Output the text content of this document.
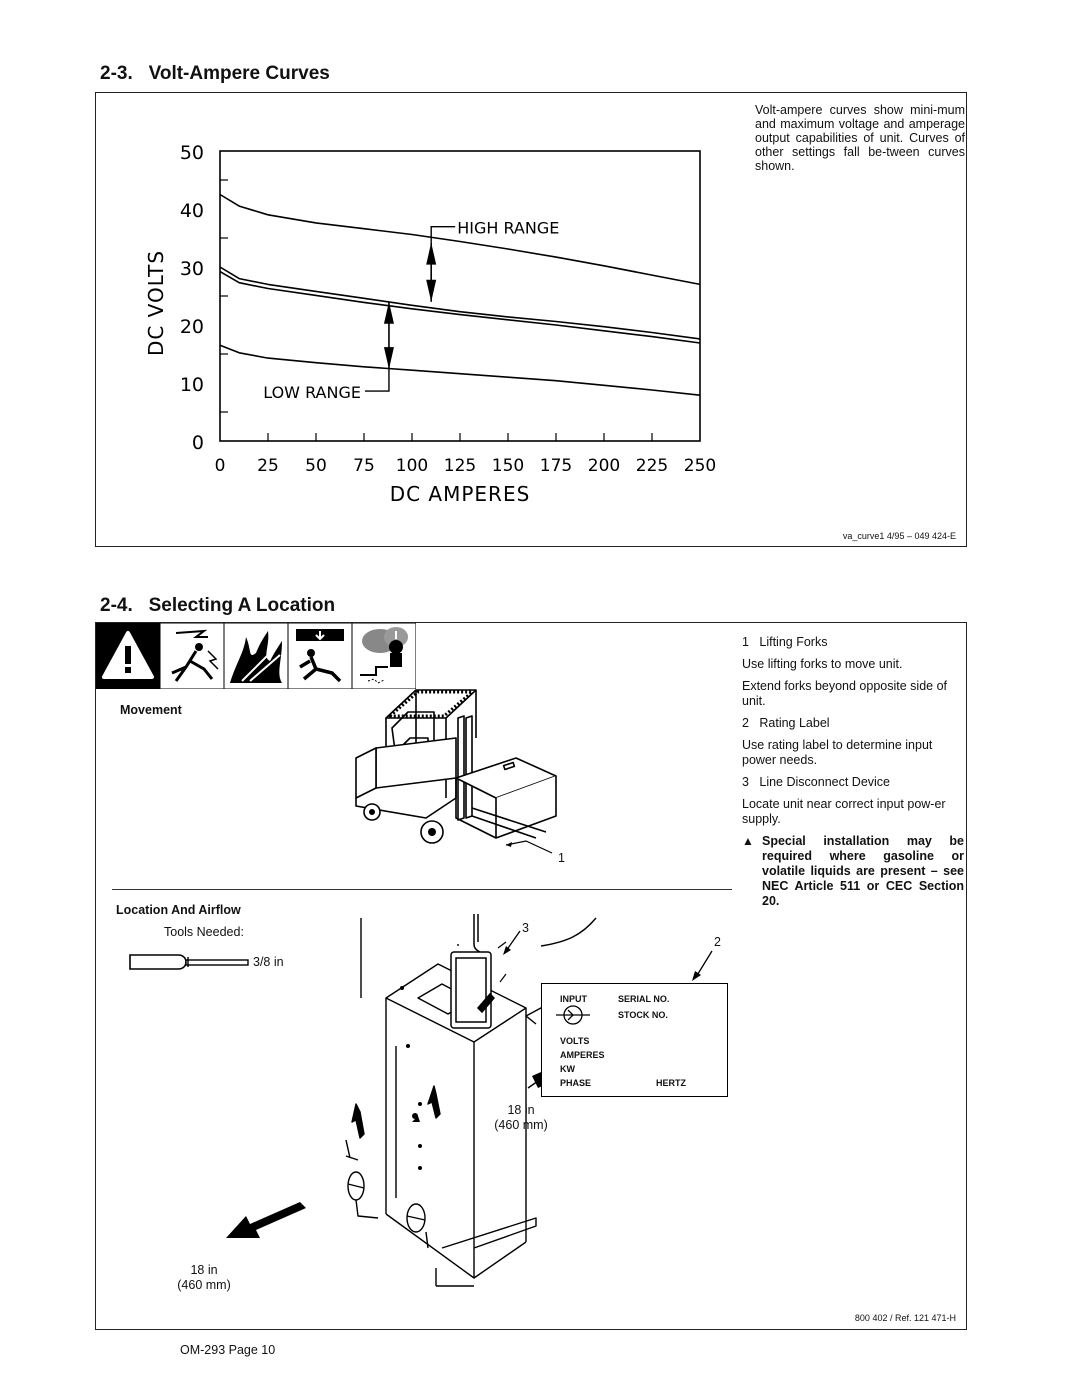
2-3.   Volt-Ampere Curves
Volt-ampere curves show mini-mum and maximum voltage and amperage output capabilities of unit. Curves of other settings fall be-tween curves shown.
0
10
20
30
40
50
0 25 50 75 100 125 150 175 200 225 250
HIGH RANGE
LOW RANGE
DC AMPERES
DC VOLTS
va_curve1 4/95 – 049 424-E
2-4.   Selecting A Location
Movement
1
Location And Airflow
Tools Needed:
3/8 in
3
2
INPUT	SERIAL NO.
STOCK NO.
VOLTS
AMPERES
KW
PHASE	HERTZ
18 in
(460 mm)
18 in
(460 mm)
1 Lifting Forks
Use lifting forks to move unit.
Extend forks beyond opposite side of unit.
2 Rating Label
Use rating label to determine input power needs.
3 Line Disconnect Device
Locate unit near correct input pow-er supply.
▲ Special installation may be required where gasoline or volatile liquids are present – see NEC Article 511 or CEC Section 20.
800 402 / Ref. 121 471-H
OM-293 Page 10
